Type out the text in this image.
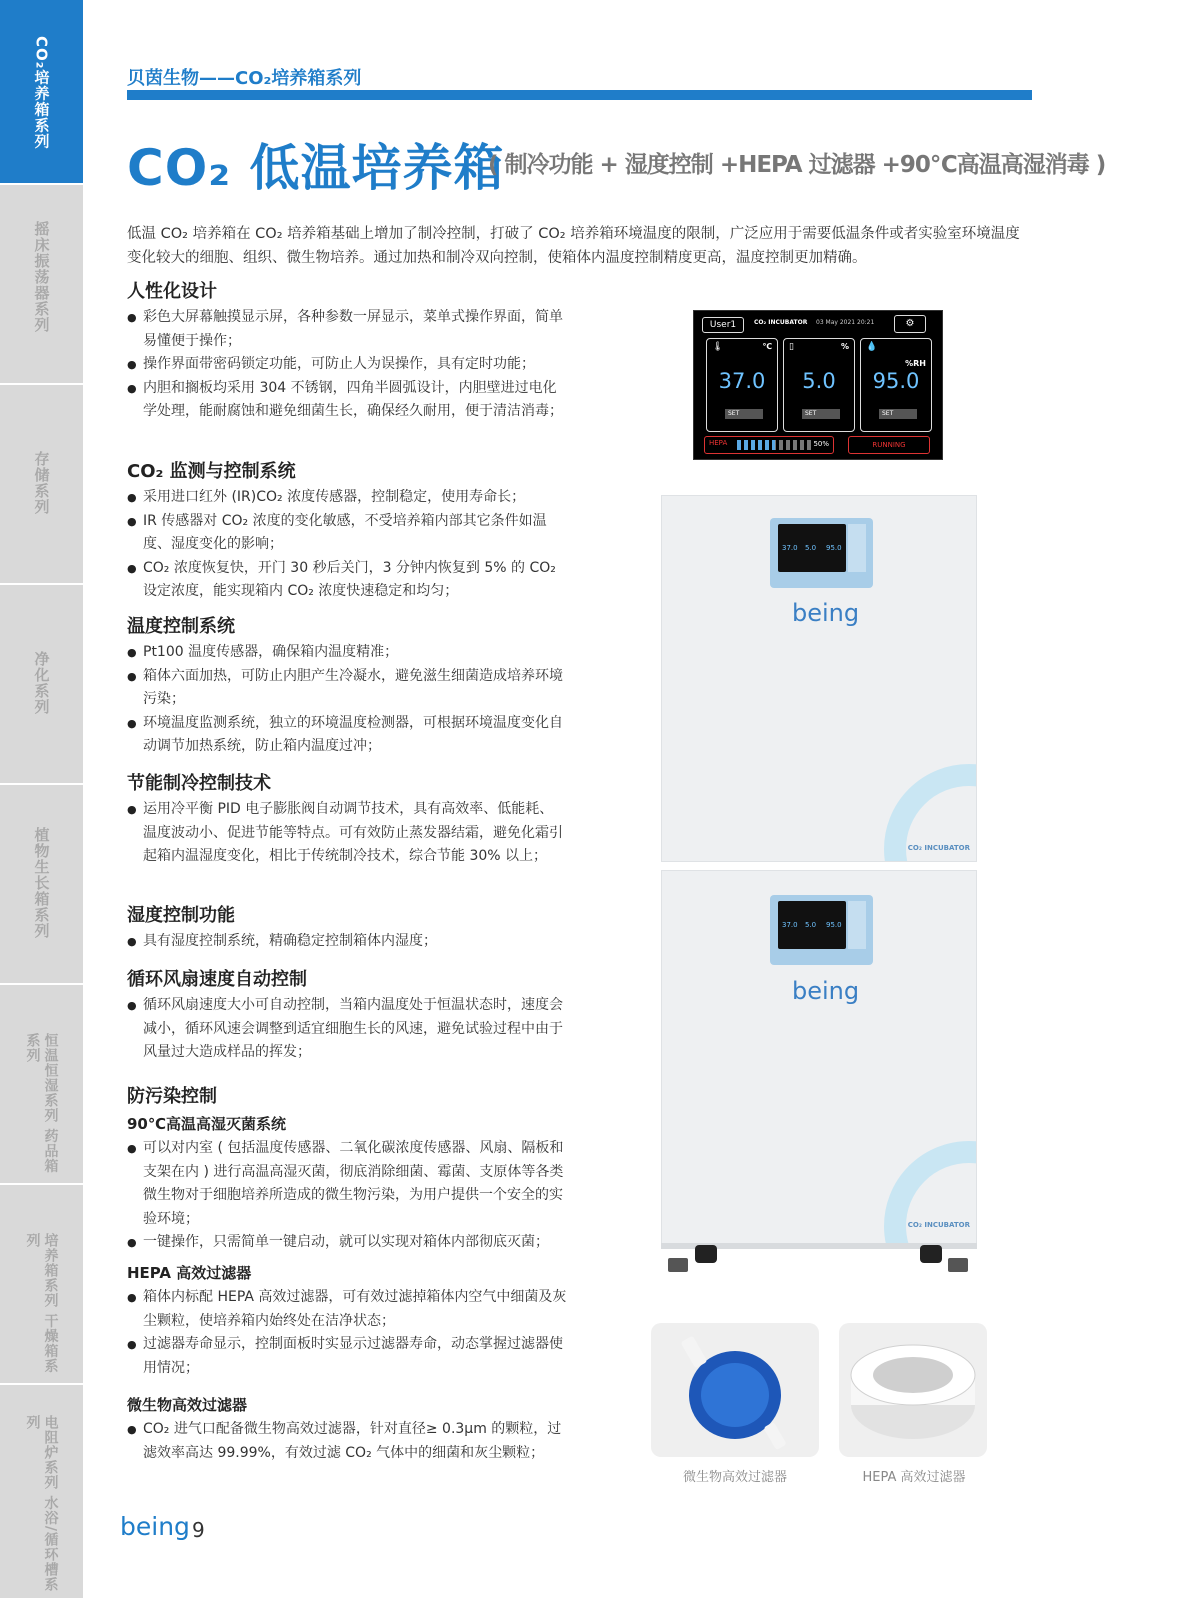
CO₂培养箱系列
摇床振荡器系列
存储系列
净化系列
植物生长箱系列
恒温恒湿系列 药品箱系列
培养箱系列 干燥箱系列
电阻炉系列 水浴/循环槽系列
贝茵生物——CO₂培养箱系列
CO₂ 低温培养箱
( 制冷功能 + 湿度控制 +HEPA 过滤器 +90℃高温高湿消毒 )
低温 CO₂ 培养箱在 CO₂ 培养箱基础上增加了制冷控制，打破了 CO₂ 培养箱环境温度的限制，广泛应用于需要低温条件或者实验室环境温度变化较大的细胞、组织、微生物培养。通过加热和制冷双向控制，使箱体内温度控制精度更高，温度控制更加精确。
人性化设计
● 彩色大屏幕触摸显示屏，各种参数一屏显示，菜单式操作界面，简单易懂便于操作；
● 操作界面带密码锁定功能，可防止人为误操作，具有定时功能；
● 内胆和搁板均采用 304 不锈钢，四角半圆弧设计，内胆壁进过电化学处理，能耐腐蚀和避免细菌生长，确保经久耐用，便于清洁消毒；
CO₂ 监测与控制系统
● 采用进口红外 (IR)CO₂ 浓度传感器，控制稳定，使用寿命长；
● IR 传感器对 CO₂ 浓度的变化敏感，不受培养箱内部其它条件如温度、湿度变化的影响；
● CO₂ 浓度恢复快，开门 30 秒后关门，3 分钟内恢复到 5% 的 CO₂ 设定浓度，能实现箱内 CO₂ 浓度快速稳定和均匀；
温度控制系统
● Pt100 温度传感器，确保箱内温度精准；
● 箱体六面加热，可防止内胆产生冷凝水，避免滋生细菌造成培养环境污染；
● 环境温度监测系统，独立的环境温度检测器，可根据环境温度变化自动调节加热系统，防止箱内温度过冲；
节能制冷控制技术
● 运用冷平衡 PID 电子膨胀阀自动调节技术，具有高效率、低能耗、温度波动小、促进节能等特点。可有效防止蒸发器结霜，避免化霜引起箱内温湿度变化，相比于传统制冷技术，综合节能 30% 以上；
湿度控制功能
● 具有湿度控制系统，精确稳定控制箱体内湿度；
循环风扇速度自动控制
● 循环风扇速度大小可自动控制，当箱内温度处于恒温状态时，速度会减小，循环风速会调整到适宜细胞生长的风速，避免试验过程中由于风量过大造成样品的挥发；
防污染控制
90℃高温高湿灭菌系统
● 可以对内室 ( 包括温度传感器、二氧化碳浓度传感器、风扇、隔板和支架在内 ) 进行高温高湿灭菌，彻底消除细菌、霉菌、支原体等各类微生物对于细胞培养所造成的微生物污染，为用户提供一个安全的实验环境；
● 一键操作，只需简单一键启动，就可以实现对箱体内部彻底灭菌；
HEPA 高效过滤器
● 箱体内标配 HEPA 高效过滤器，可有效过滤掉箱体内空气中细菌及灰尘颗粒，使培养箱内始终处在洁净状态；
● 过滤器寿命显示，控制面板时实显示过滤器寿命，动态掌握过滤器使用情况；
微生物高效过滤器
● CO₂ 进气口配备微生物高效过滤器，针对直径≥ 0.3μm 的颗粒，过滤效率高达 99.99%，有效过滤 CO₂ 气体中的细菌和灰尘颗粒；
User1	CO₂ INCUBATOR 03 May 2021 20:21	⚙
🌡	℃
37.0
SET
▯	%
5.0
SET
💧
%RH
95.0
SET
HEPA	50%	RUNNING
37.0 5.0 95.0
being
CO₂ INCUBATOR
37.0 5.0 95.0
being
CO₂ INCUBATOR
微生物高效过滤器	HEPA 高效过滤器
being 9
